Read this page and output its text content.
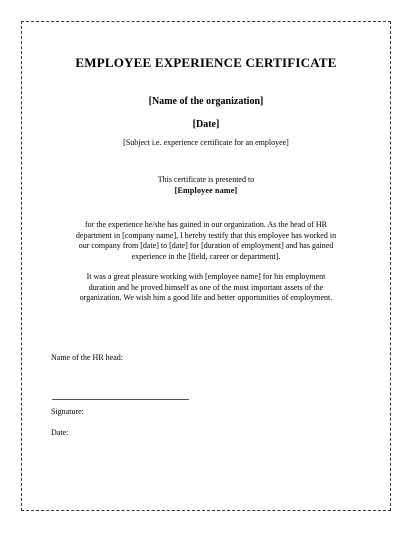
EMPLOYEE EXPERIENCE CERTIFICATE
[Name of the organization]
[Date]
[Subject i.e. experience certificate for an employee]
This certificate is presented to
[Employee name]
for the experience he/she has gained in our organization. As the head of HR
department in [company name], I hereby testify that this employee has worked in
our company from [date] to [date] for [duration of employment] and has gained
experience in the [field, career or department].
It was a great pleasure working with [employee name] for his employment
duration and he proved himself as one of the most important assets of the
organization. We wish him a good life and better opportunities of employment.
Name of the HR head:
Signature:
Date:
